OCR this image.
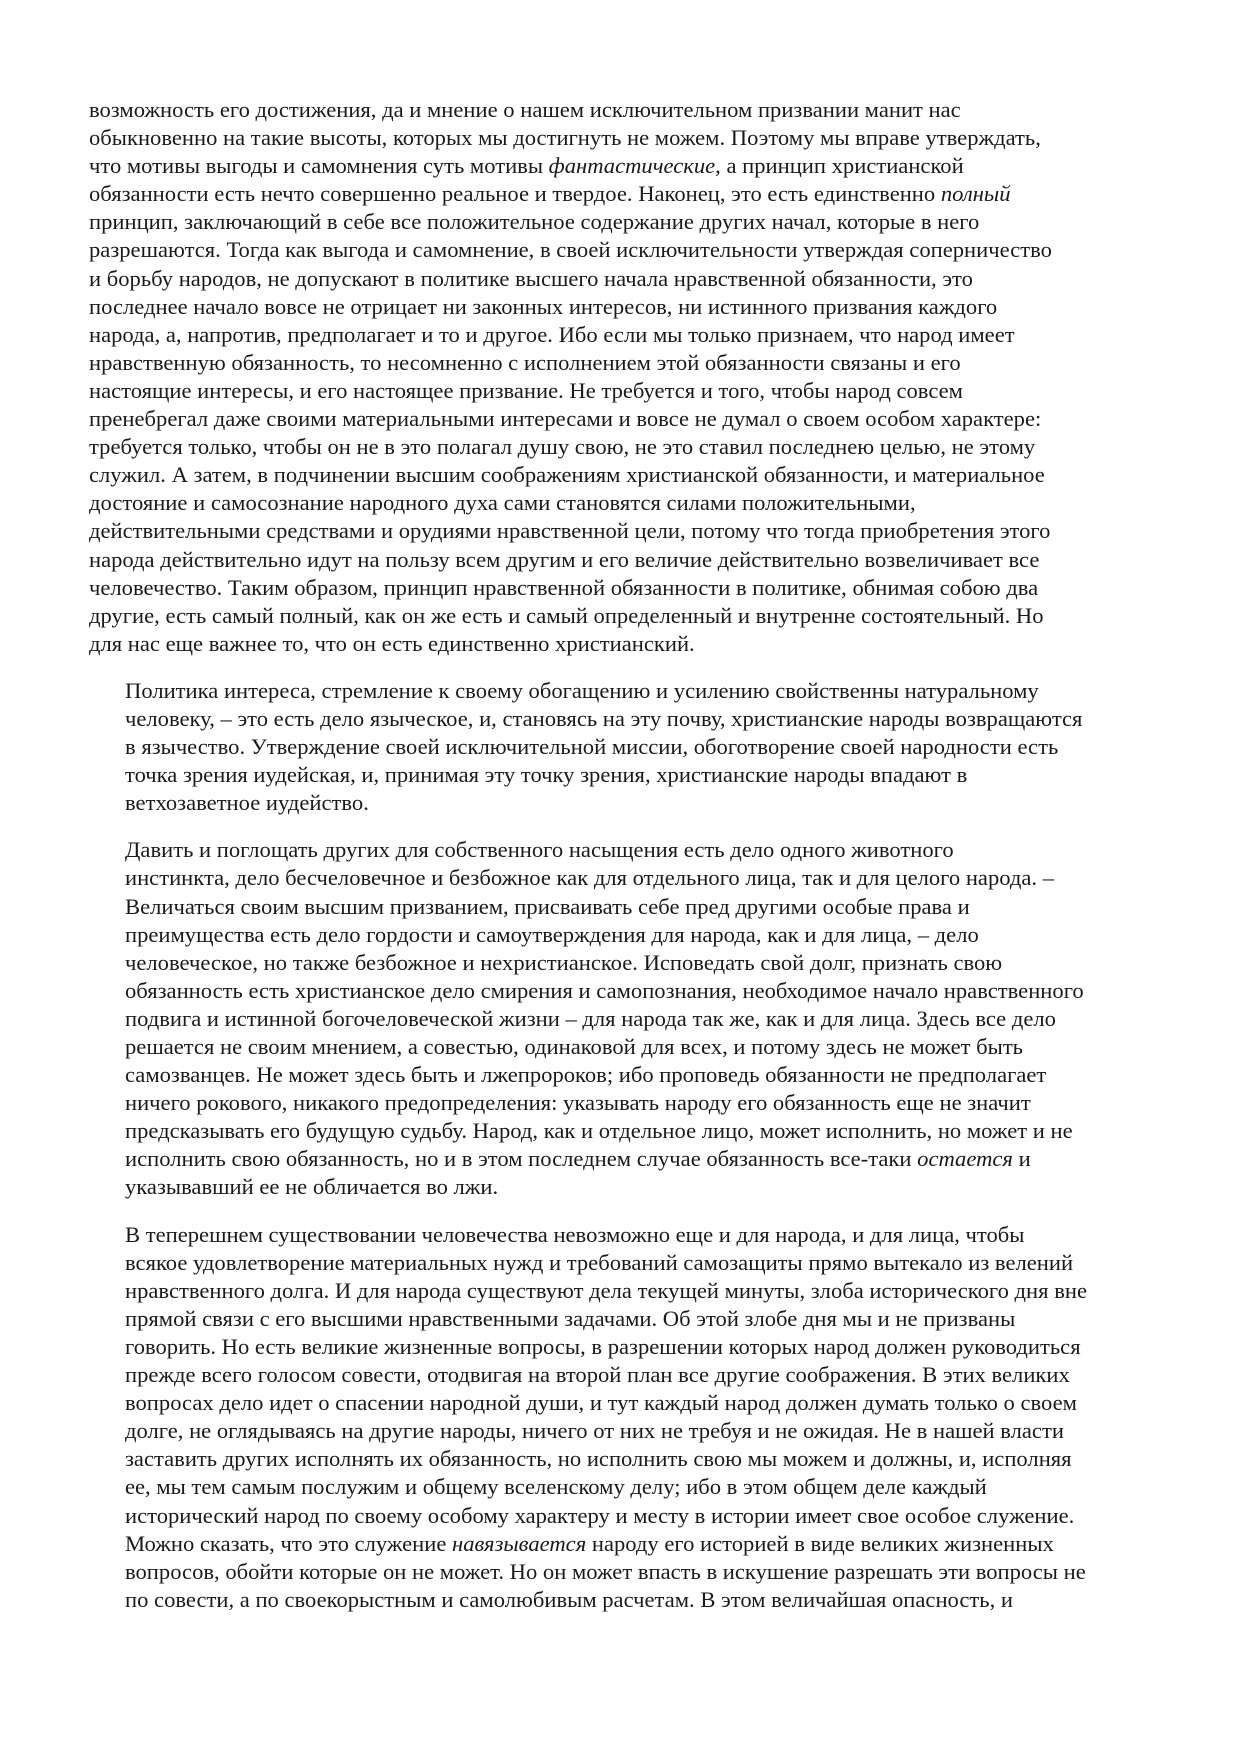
возможность его достижения, да и мнение о нашем исключительном призвании манит нас
обыкновенно на такие высоты, которых мы достигнуть не можем. Поэтому мы вправе утверждать,
что мотивы выгоды и самомнения суть мотивы фантастические, а принцип христианской
обязанности есть нечто совершенно реальное и твердое. Наконец, это есть единственно полный
принцип, заключающий в себе все положительное содержание других начал, которые в него
разрешаются. Тогда как выгода и самомнение, в своей исключительности утверждая соперничество
и борьбу народов, не допускают в политике высшего начала нравственной обязанности, это
последнее начало вовсе не отрицает ни законных интересов, ни истинного призвания каждого
народа, а, напротив, предполагает и то и другое. Ибо если мы только признаем, что народ имеет
нравственную обязанность, то несомненно с исполнением этой обязанности связаны и его
настоящие интересы, и его настоящее призвание. Не требуется и того, чтобы народ совсем
пренебрегал даже своими материальными интересами и вовсе не думал о своем особом характере:
требуется только, чтобы он не в это полагал душу свою, не это ставил последнею целью, не этому
служил. А затем, в подчинении высшим соображениям христианской обязанности, и материальное
достояние и самосознание народного духа сами становятся силами положительными,
действительными средствами и орудиями нравственной цели, потому что тогда приобретения этого
народа действительно идут на пользу всем другим и его величие действительно возвеличивает все
человечество. Таким образом, принцип нравственной обязанности в политике, обнимая собою два
другие, есть самый полный, как он же есть и самый определенный и внутренне состоятельный. Но
для нас еще важнее то, что он есть единственно христианский.

Политика интереса, стремление к своему обогащению и усилению свойственны натуральному
человеку, – это есть дело языческое, и, становясь на эту почву, христианские народы возвращаются
в язычество. Утверждение своей исключительной миссии, обоготворение своей народности есть
точка зрения иудейская, и, принимая эту точку зрения, христианские народы впадают в
ветхозаветное иудейство.

Давить и поглощать других для собственного насыщения есть дело одного животного
инстинкта, дело бесчеловечное и безбожное как для отдельного лица, так и для целого народа. –
Величаться своим высшим призванием, присваивать себе пред другими особые права и
преимущества есть дело гордости и самоутверждения для народа, как и для лица, – дело
человеческое, но также безбожное и нехристианское. Исповедать свой долг, признать свою
обязанность есть христианское дело смирения и самопознания, необходимое начало нравственного
подвига и истинной богочеловеческой жизни – для народа так же, как и для лица. Здесь все дело
решается не своим мнением, а совестью, одинаковой для всех, и потому здесь не может быть
самозванцев. Не может здесь быть и лжепророков; ибо проповедь обязанности не предполагает
ничего рокового, никакого предопределения: указывать народу его обязанность еще не значит
предсказывать его будущую судьбу. Народ, как и отдельное лицо, может исполнить, но может и не
исполнить свою обязанность, но и в этом последнем случае обязанность все-таки остается и
указывавший ее не обличается во лжи.

В теперешнем существовании человечества невозможно еще и для народа, и для лица, чтобы
всякое удовлетворение материальных нужд и требований самозащиты прямо вытекало из велений
нравственного долга. И для народа существуют дела текущей минуты, злоба исторического дня вне
прямой связи с его высшими нравственными задачами. Об этой злобе дня мы и не призваны
говорить. Но есть великие жизненные вопросы, в разрешении которых народ должен руководиться
прежде всего голосом совести, отодвигая на второй план все другие соображения. В этих великих
вопросах дело идет о спасении народной души, и тут каждый народ должен думать только о своем
долге, не оглядываясь на другие народы, ничего от них не требуя и не ожидая. Не в нашей власти
заставить других исполнять их обязанность, но исполнить свою мы можем и должны, и, исполняя
ее, мы тем самым послужим и общему вселенскому делу; ибо в этом общем деле каждый
исторический народ по своему особому характеру и месту в истории имеет свое особое служение.
Можно сказать, что это служение навязывается народу его историей в виде великих жизненных
вопросов, обойти которые он не может. Но он может впасть в искушение разрешать эти вопросы не
по совести, а по своекорыстным и самолюбивым расчетам. В этом величайшая опасность, и
